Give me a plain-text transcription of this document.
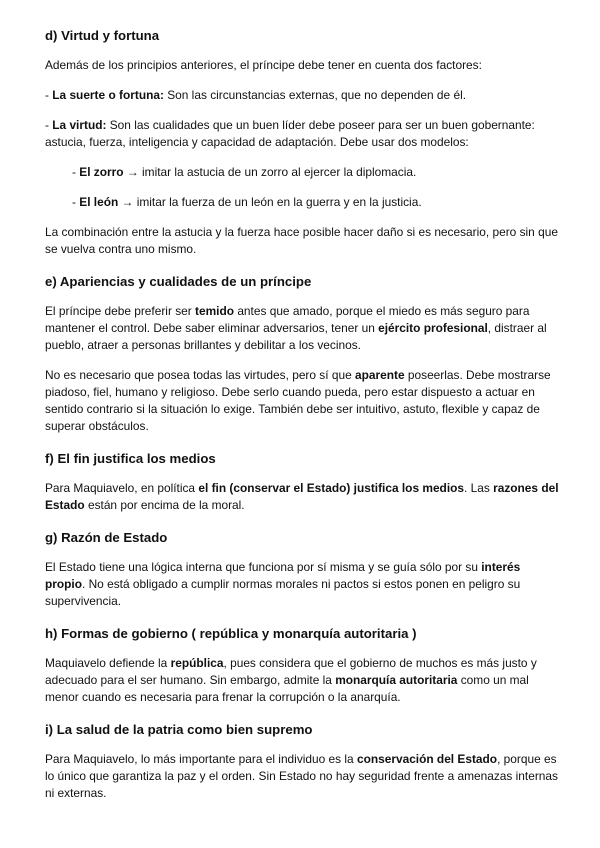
d) Virtud y fortuna

Además de los principios anteriores, el príncipe debe tener en cuenta dos factores:

- La suerte o fortuna: Son las circunstancias externas, que no dependen de él.

- La virtud: Son las cualidades que un buen líder debe poseer para ser un buen gobernante: astucia, fuerza, inteligencia y capacidad de adaptación. Debe usar dos modelos:

- El zorro → imitar la astucia de un zorro al ejercer la diplomacia.

- El león → imitar la fuerza de un león en la guerra y en la justicia.

La combinación entre la astucia y la fuerza hace posible hacer daño si es necesario, pero sin que se vuelva contra uno mismo.

e) Apariencias y cualidades de un príncipe

El príncipe debe preferir ser temido antes que amado, porque el miedo es más seguro para mantener el control. Debe saber eliminar adversarios, tener un ejército profesional, distraer al pueblo, atraer a personas brillantes y debilitar a los vecinos.

No es necesario que posea todas las virtudes, pero sí que aparente poseerlas. Debe mostrarse piadoso, fiel, humano y religioso. Debe serlo cuando pueda, pero estar dispuesto a actuar en sentido contrario si la situación lo exige. También debe ser intuitivo, astuto, flexible y capaz de superar obstáculos.

f) El fin justifica los medios

Para Maquiavelo, en política el fin (conservar el Estado) justifica los medios. Las razones del Estado están por encima de la moral.

g) Razón de Estado

El Estado tiene una lógica interna que funciona por sí misma y se guía sólo por su interés propio. No está obligado a cumplir normas morales ni pactos si estos ponen en peligro su supervivencia.

h) Formas de gobierno ( república y monarquía autoritaria )

Maquiavelo defiende la república, pues considera que el gobierno de muchos es más justo y adecuado para el ser humano. Sin embargo, admite la monarquía autoritaria como un mal menor cuando es necesaria para frenar la corrupción o la anarquía.

i) La salud de la patria como bien supremo

Para Maquiavelo, lo más importante para el individuo es la conservación del Estado, porque es lo único que garantiza la paz y el orden. Sin Estado no hay seguridad frente a amenazas internas ni externas.
